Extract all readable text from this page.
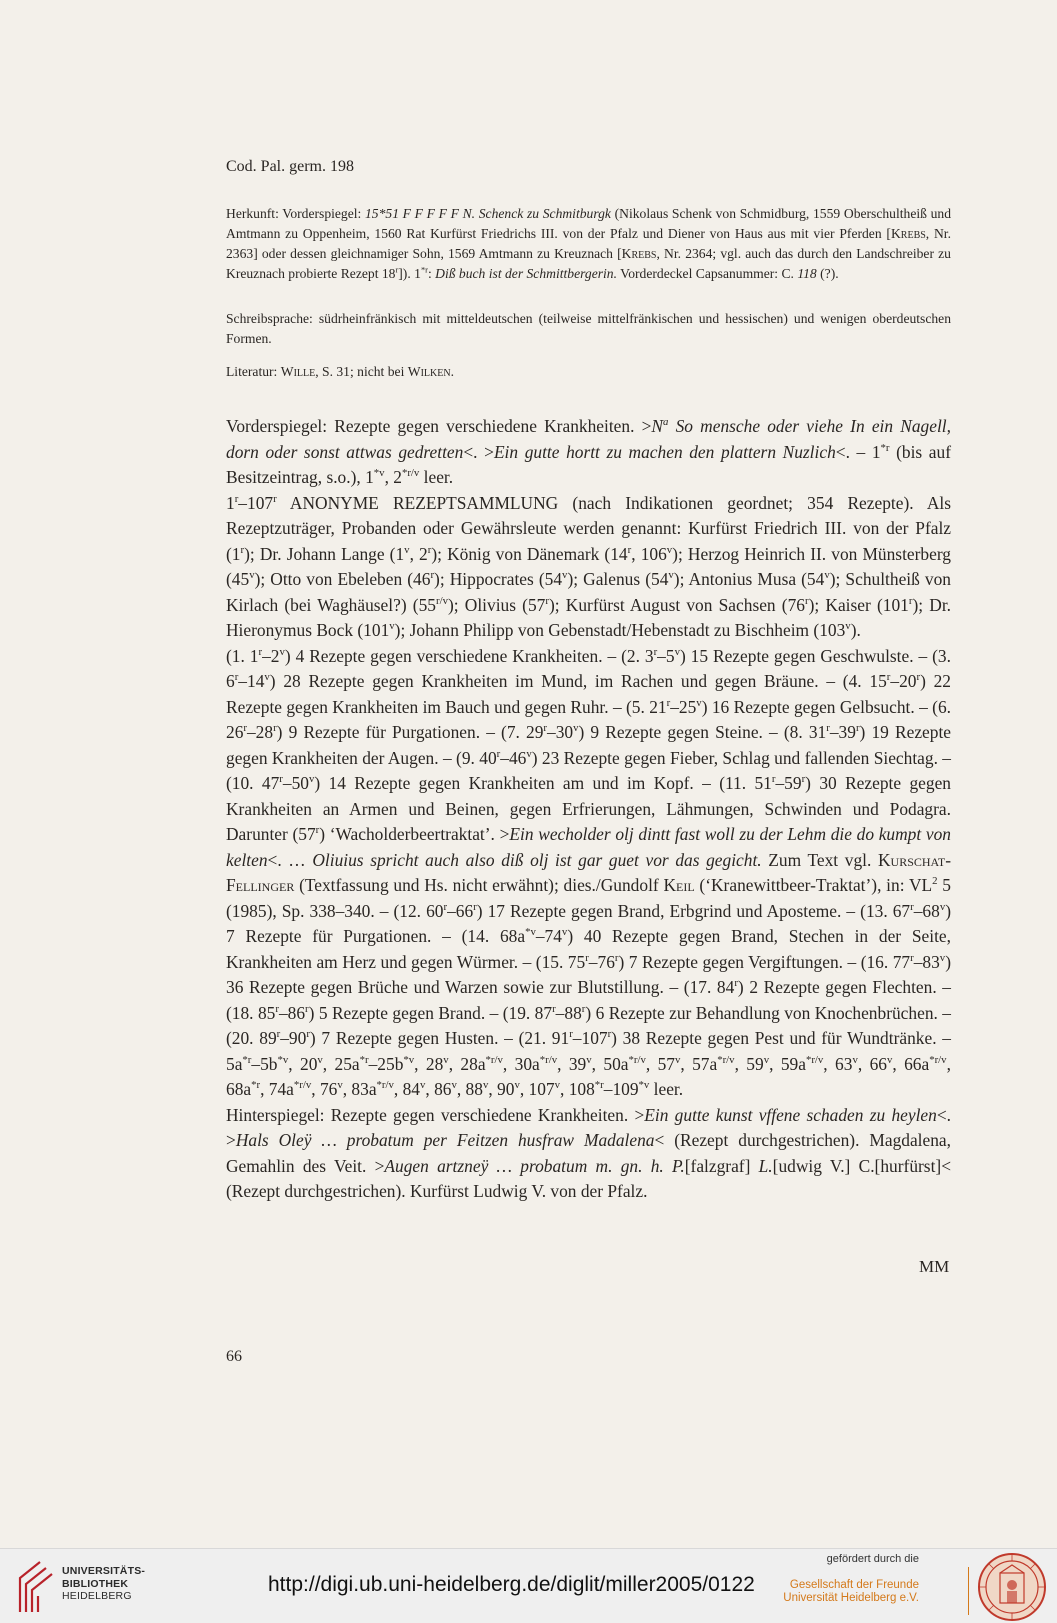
Cod. Pal. germ. 198

Herkunft: Vorderspiegel: 15*51 F F F F F N. Schenck zu Schmitburgk (Nikolaus Schenk von Schmidburg, 1559 Oberschultheiß und Amtmann zu Oppenheim, 1560 Rat Kurfürst Friedrichs III. von der Pfalz und Diener von Haus aus mit vier Pferden [Krebs, Nr. 2363] oder dessen gleichnamiger Sohn, 1569 Amtmann zu Kreuznach [Krebs, Nr. 2364; vgl. auch das durch den Landschreiber zu Kreuznach probierte Rezept 18$^r$]). 1$^{*r}$: Diß buch ist der Schmittbergerin. Vorderdeckel Capsanummer: C. 118 (?).

Schreibsprache: südrheinfränkisch mit mitteldeutschen (teilweise mittelfränkischen und hessischen) und wenigen oberdeutschen Formen.

Literatur: Wille, S. 31; nicht bei Wilken.

Vorderspiegel: Rezepte gegen verschiedene Krankheiten. $>N^a$ So mensche oder viehe In ein Nagell, dorn oder sonst attwas gedretten<. >Ein gutte hortt zu machen den plattern Nuzlich<. – 1$^{*r}$ (bis auf Besitzeintrag, s.o.), 1$^{*v}$, $2^{*r/v}$ leer.

1$^r$–107$^r$ ANONYME REZEPTSAMMLUNG (nach Indikationen geordnet; 354 Rezepte). Als Rezeptzuträger, Probanden oder Gewährsleute werden genannt: Kurfürst Friedrich III. von der Pfalz (1$^r$); Dr. Johann Lange (1$^v$, 2$^r$); König von Dänemark (14$^r$, 106$^v$); Herzog Heinrich II. von Münsterberg (45$^v$); Otto von Ebeleben (46$^r$); Hippocrates (54$^v$); Galenus (54$^v$); Antonius Musa (54$^v$); Schultheiß von Kirlach (bei Waghäusel?) $(55^{r/v})$; Olivius (57$^r$); Kurfürst August von Sachsen (76$^r$); Kaiser (101$^r$); Dr. Hieronymus Bock (101$^v$); Johann Philipp von Gebenstadt/Hebenstadt zu Bischheim (103$^v$).

(1. 1$^r$–2$^v$) 4 Rezepte gegen verschiedene Krankheiten. – (2. 3$^r$–5$^v$) 15 Rezepte gegen Geschwulste. – (3. 6$^r$–14$^v$) 28 Rezepte gegen Krankheiten im Mund, im Rachen und gegen Bräune. – (4. 15$^r$–20$^r$) 22 Rezepte gegen Krankheiten im Bauch und gegen Ruhr. – (5. 21$^r$–25$^v$) 16 Rezepte gegen Gelbsucht. – (6. 26$^r$–28$^r$) 9 Rezepte für Purgationen. – (7. 29$^r$–30$^v$) 9 Rezepte gegen Steine. – (8. 31$^r$–39$^r$) 19 Rezepte gegen Krankheiten der Augen. – (9. 40$^r$–46$^v$) 23 Rezepte gegen Fieber, Schlag und fallenden Siechtag. – (10. 47$^r$–50$^v$) 14 Rezepte gegen Krankheiten am und im Kopf. – (11. 51$^r$–59$^r$) 30 Rezepte gegen Krankheiten an Armen und Beinen, gegen Erfrierungen, Lähmungen, Schwinden und Podagra. Darunter (57$^r$) ‘Wacholderbeertraktat’. >Ein wecholder olj dintt fast woll zu der Lehm die do kumpt von kelten<. … Oliuius spricht auch also diß olj ist gar guet vor das gegicht. Zum Text vgl. Kurschat-Fellinger (Textfassung und Hs. nicht erwähnt); dies./Gundolf Keil (‘Kranewittbeer-Traktat’), in: $VL^2$ 5 (1985), Sp. 338–340. – (12. 60$^r$–66$^r$) 17 Rezepte gegen Brand, Erbgrind und Aposteme. – (13. 67$^r$–68$^v$) 7 Rezepte für Purgationen. – (14. $68a^{*v}-74^v$) 40 Rezepte gegen Brand, Stechen in der Seite, Krankheiten am Herz und gegen Würmer. – (15. 75$^r$–76$^r$) 7 Rezepte gegen Vergiftungen. – (16. 77$^r$–83$^v$) 36 Rezepte gegen Brüche und Warzen sowie zur Blutstillung. – (17. 84$^r$) 2 Rezepte gegen Flechten. – (18. 85$^r$–86$^r$) 5 Rezepte gegen Brand. – (19. 87$^r$–88$^r$) 6 Rezepte zur Behandlung von Knochenbrüchen. – (20. 89$^r$–90$^r$) 7 Rezepte gegen Husten. – (21. 91$^r$–107$^r$) 38 Rezepte gegen Pest und für Wundtränke. – $5a^{*r}-5b^{*v}$, 20$^v$, $25a^{*r}-25b^{*v}$, 28$^v$, $28a^{*r/v}$, $30a^{*r/v}$, 39$^v$, $50a^{*r/v}$, 57$^v$, $57a^{*r/v}$, 59$^v$, $59a^{*r/v}$, 63$^v$, 66$^v$, $66a^{*r/v}$, $68a^{*r}$, $74a^{*r/v}$, 76$^v$, $83a^{*r/v}$, 84$^v$, 86$^v$, 88$^v$, 90$^v$, 107$^v$, 108$^{*r}$–109$^{*v}$ leer.

Hinterspiegel: Rezepte gegen verschiedene Krankheiten. >Ein gutte kunst vffene schaden zu heylen<. >Hals Oleÿ … probatum per Feitzen husfraw Madalena< (Rezept durchgestrichen). Magdalena, Gemahlin des Veit. >Augen artzneÿ … probatum m. gn. h. P.[falzgraf] L.[udwig V.] C.[hurfürst]< (Rezept durchgestrichen). Kurfürst Ludwig V. von der Pfalz.

MM
66
UNIVERSITÄTS-
BIBLIOTHEK
HEIDELBERG	http://digi.ub.uni-heidelberg.de/diglit/miller2005/0122
gefördert durch die
Gesellschaft der Freunde
Universität Heidelberg e.V.
